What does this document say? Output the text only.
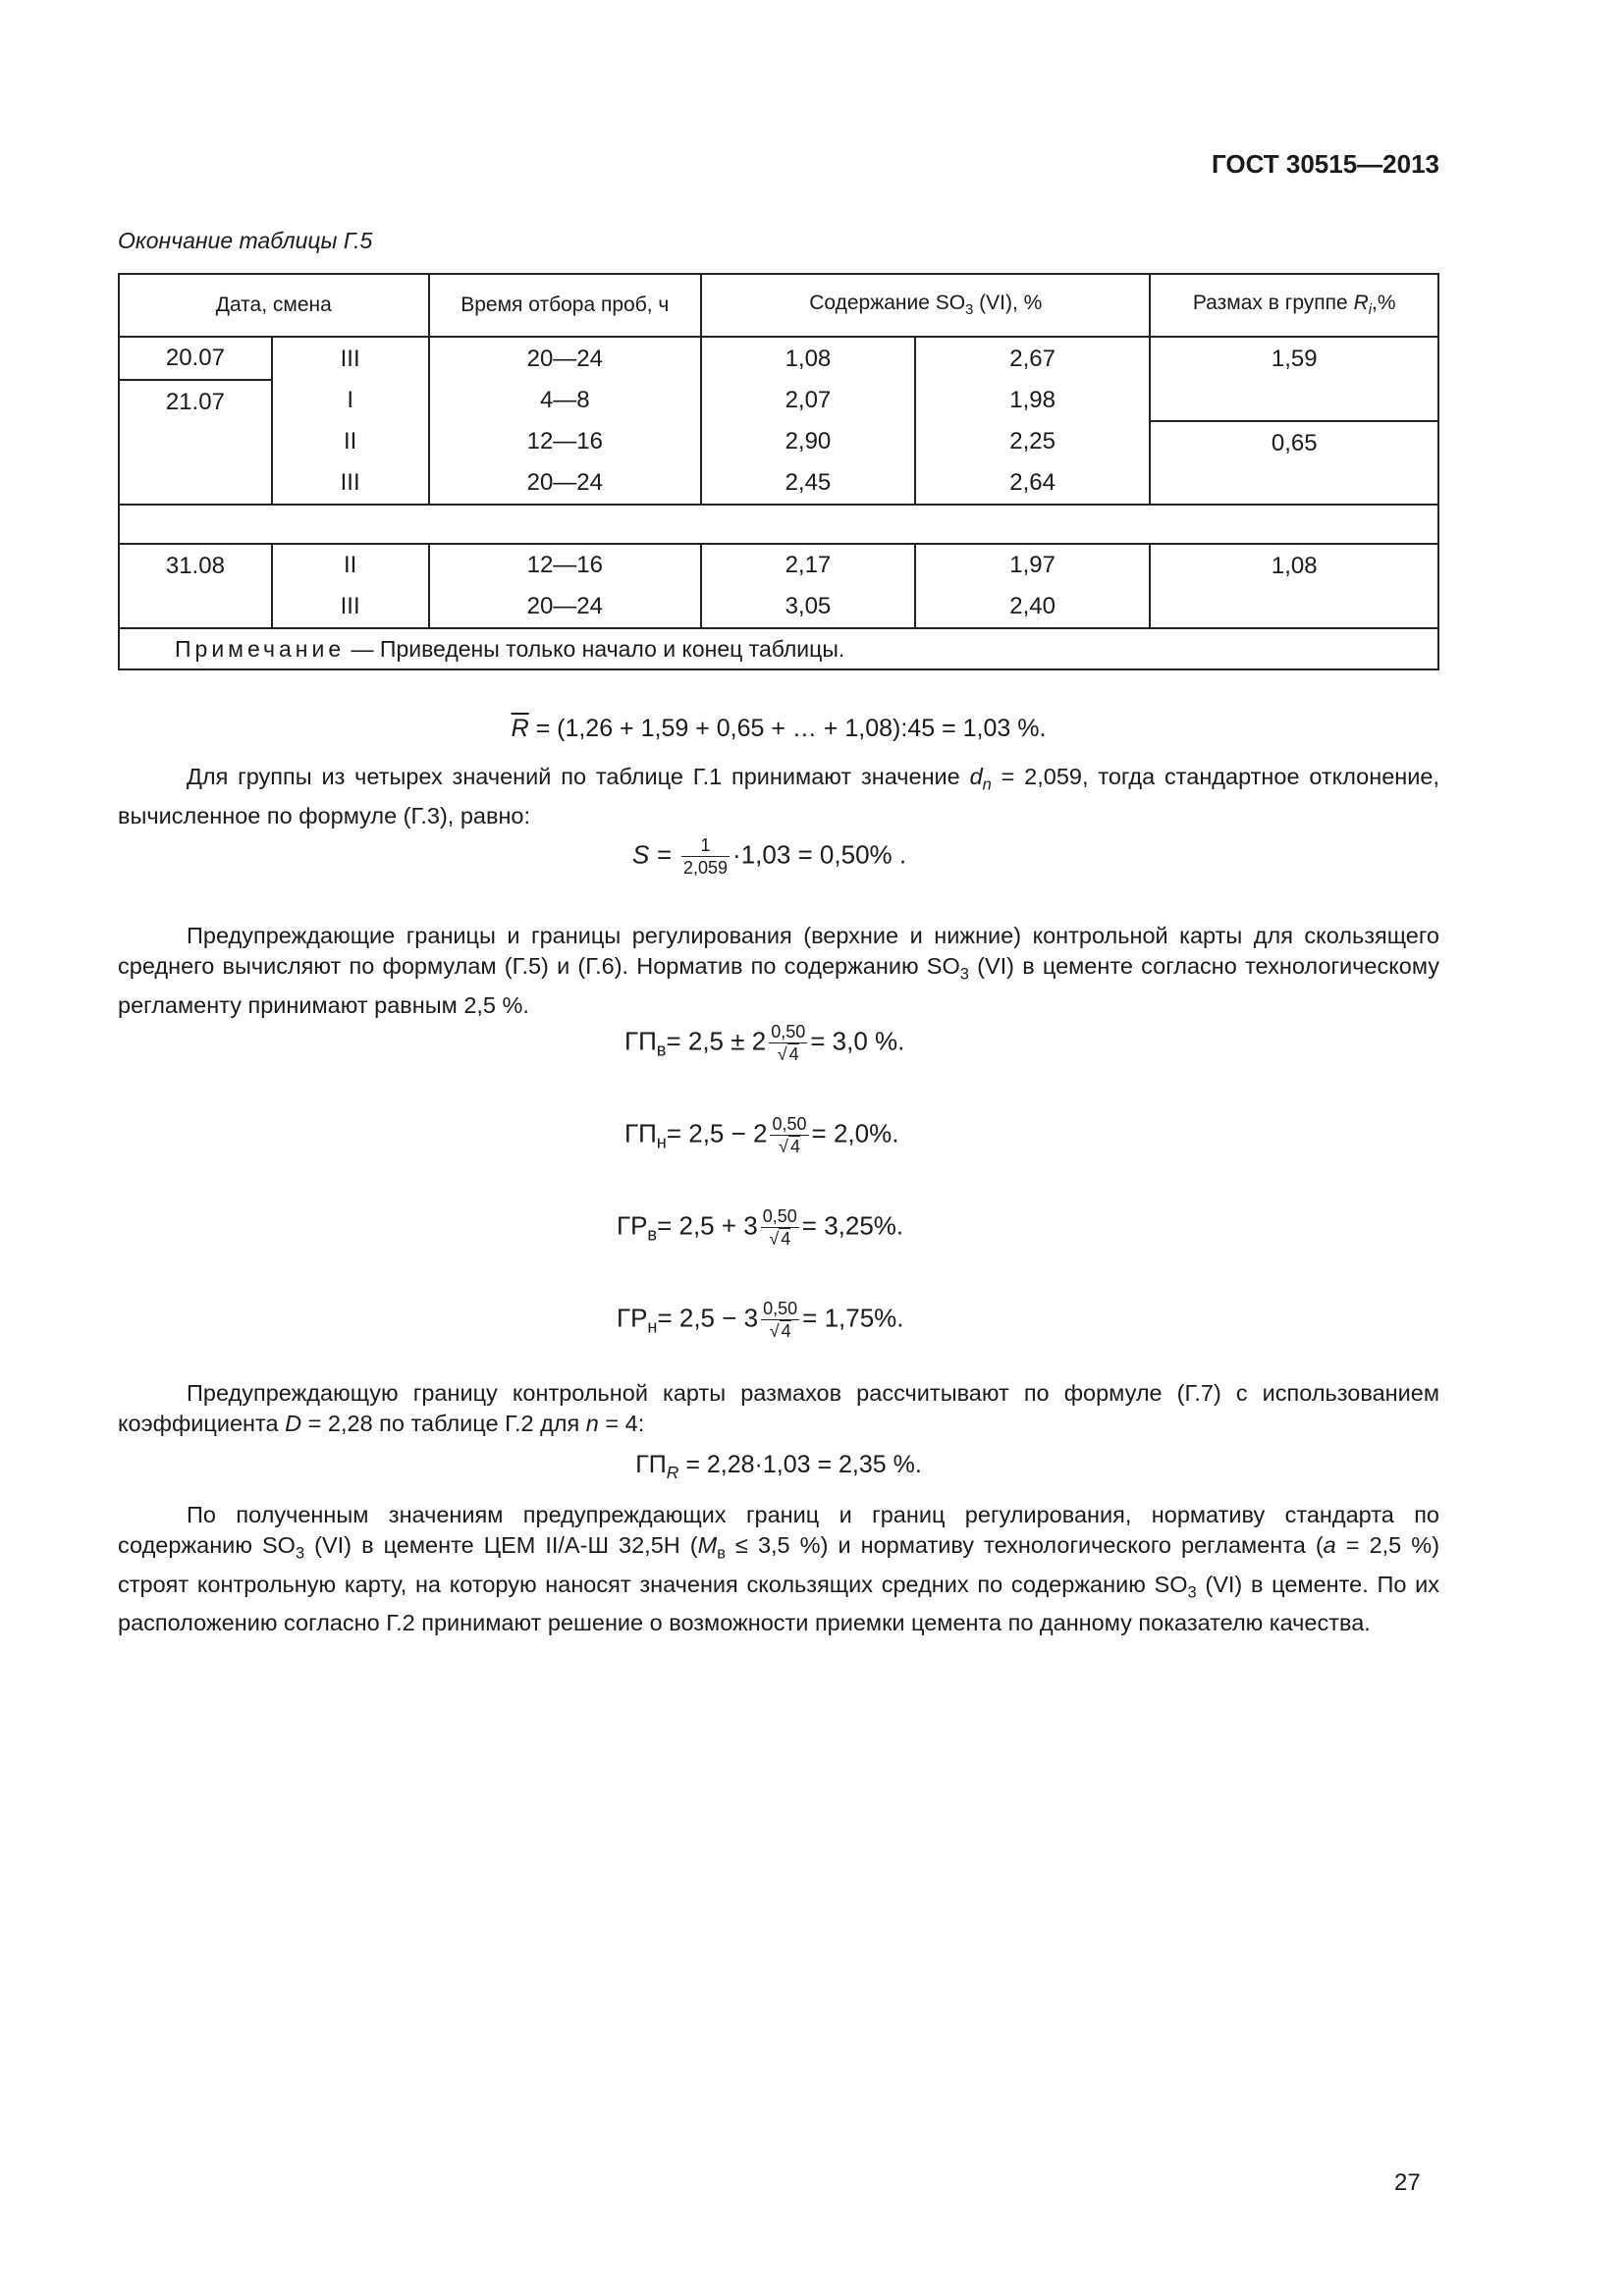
ГОСТ 30515—2013
Окончание таблицы Г.5
Дата, смена		Время отбора проб, ч	Содержание $SO_3$ (VI), %		Размах в группе $R_i,\%$
20.07	III	20—24	1,08	2,67	1,59
21.07	I	4—8	2,07	1,98	
	II	12—16	2,90	2,25	0,65
	III	20—24	2,45	2,64	

31.08	II	12—16	2,17	1,97	1,08
	III	20—24	3,05	2,40	
Примечание — Приведены только начало и конец таблицы.					
$\overline{R} = (1,26 + 1,59 + 0,65$ + … + 1,08):45 = 1,03 %.
Для группы из четырех значений по таблице Г.1 принимают значение $d_n = 2,059$, тогда стандартное отклонение, вычисленное по формуле (Г.3), равно:
$S = \frac{1}{2,059} \cdot 1,03 = 0,50\%$ .
Предупреждающие границы и границы регулирования (верхние и нижние) контрольной карты для скользящего среднего вычисляют по формулам (Г.5) и (Г.6). Норматив по содержанию $SO_3$ (VI) в цементе согласно технологическому регламенту принимают равным 2,5 %.
$ГП_в= 2,5 \pm 2 \frac{0,50}{√ 4} = 3,0$ %.
$ГП_н= 2,5 - 2 \frac{0,50}{√ 4} = 2,0\%$.
$ГР_в= 2,5 + 3 \frac{0,50}{√ 4} = 3,25\%$.
$ГР_н= 2,5 - 3 \frac{0,50}{√ 4} = 1,75\%$.
Предупреждающую границу контрольной карты размахов рассчитывают по формуле (Г.7) с использованием коэффициента D = 2,28 по таблице Г.2 для n = 4:
$ГП_R = 2,28\cdot 1,03 = 2,35$ %.
По полученным значениям предупреждающих границ и границ регулирования, нормативу стандарта по содержанию $SO_3$ (VI) в цементе ЦЕМ II/А-Ш 32,5Н ($M_в \le 3,5$ %) и нормативу технологического регламента (a = 2,5 %) строят контрольную карту, на которую наносят значения скользящих средних по содержанию $SO_3$ (VI) в цементе. По их расположению согласно Г.2 принимают решение о возможности приемки цемента по данному показателю качества.
27
